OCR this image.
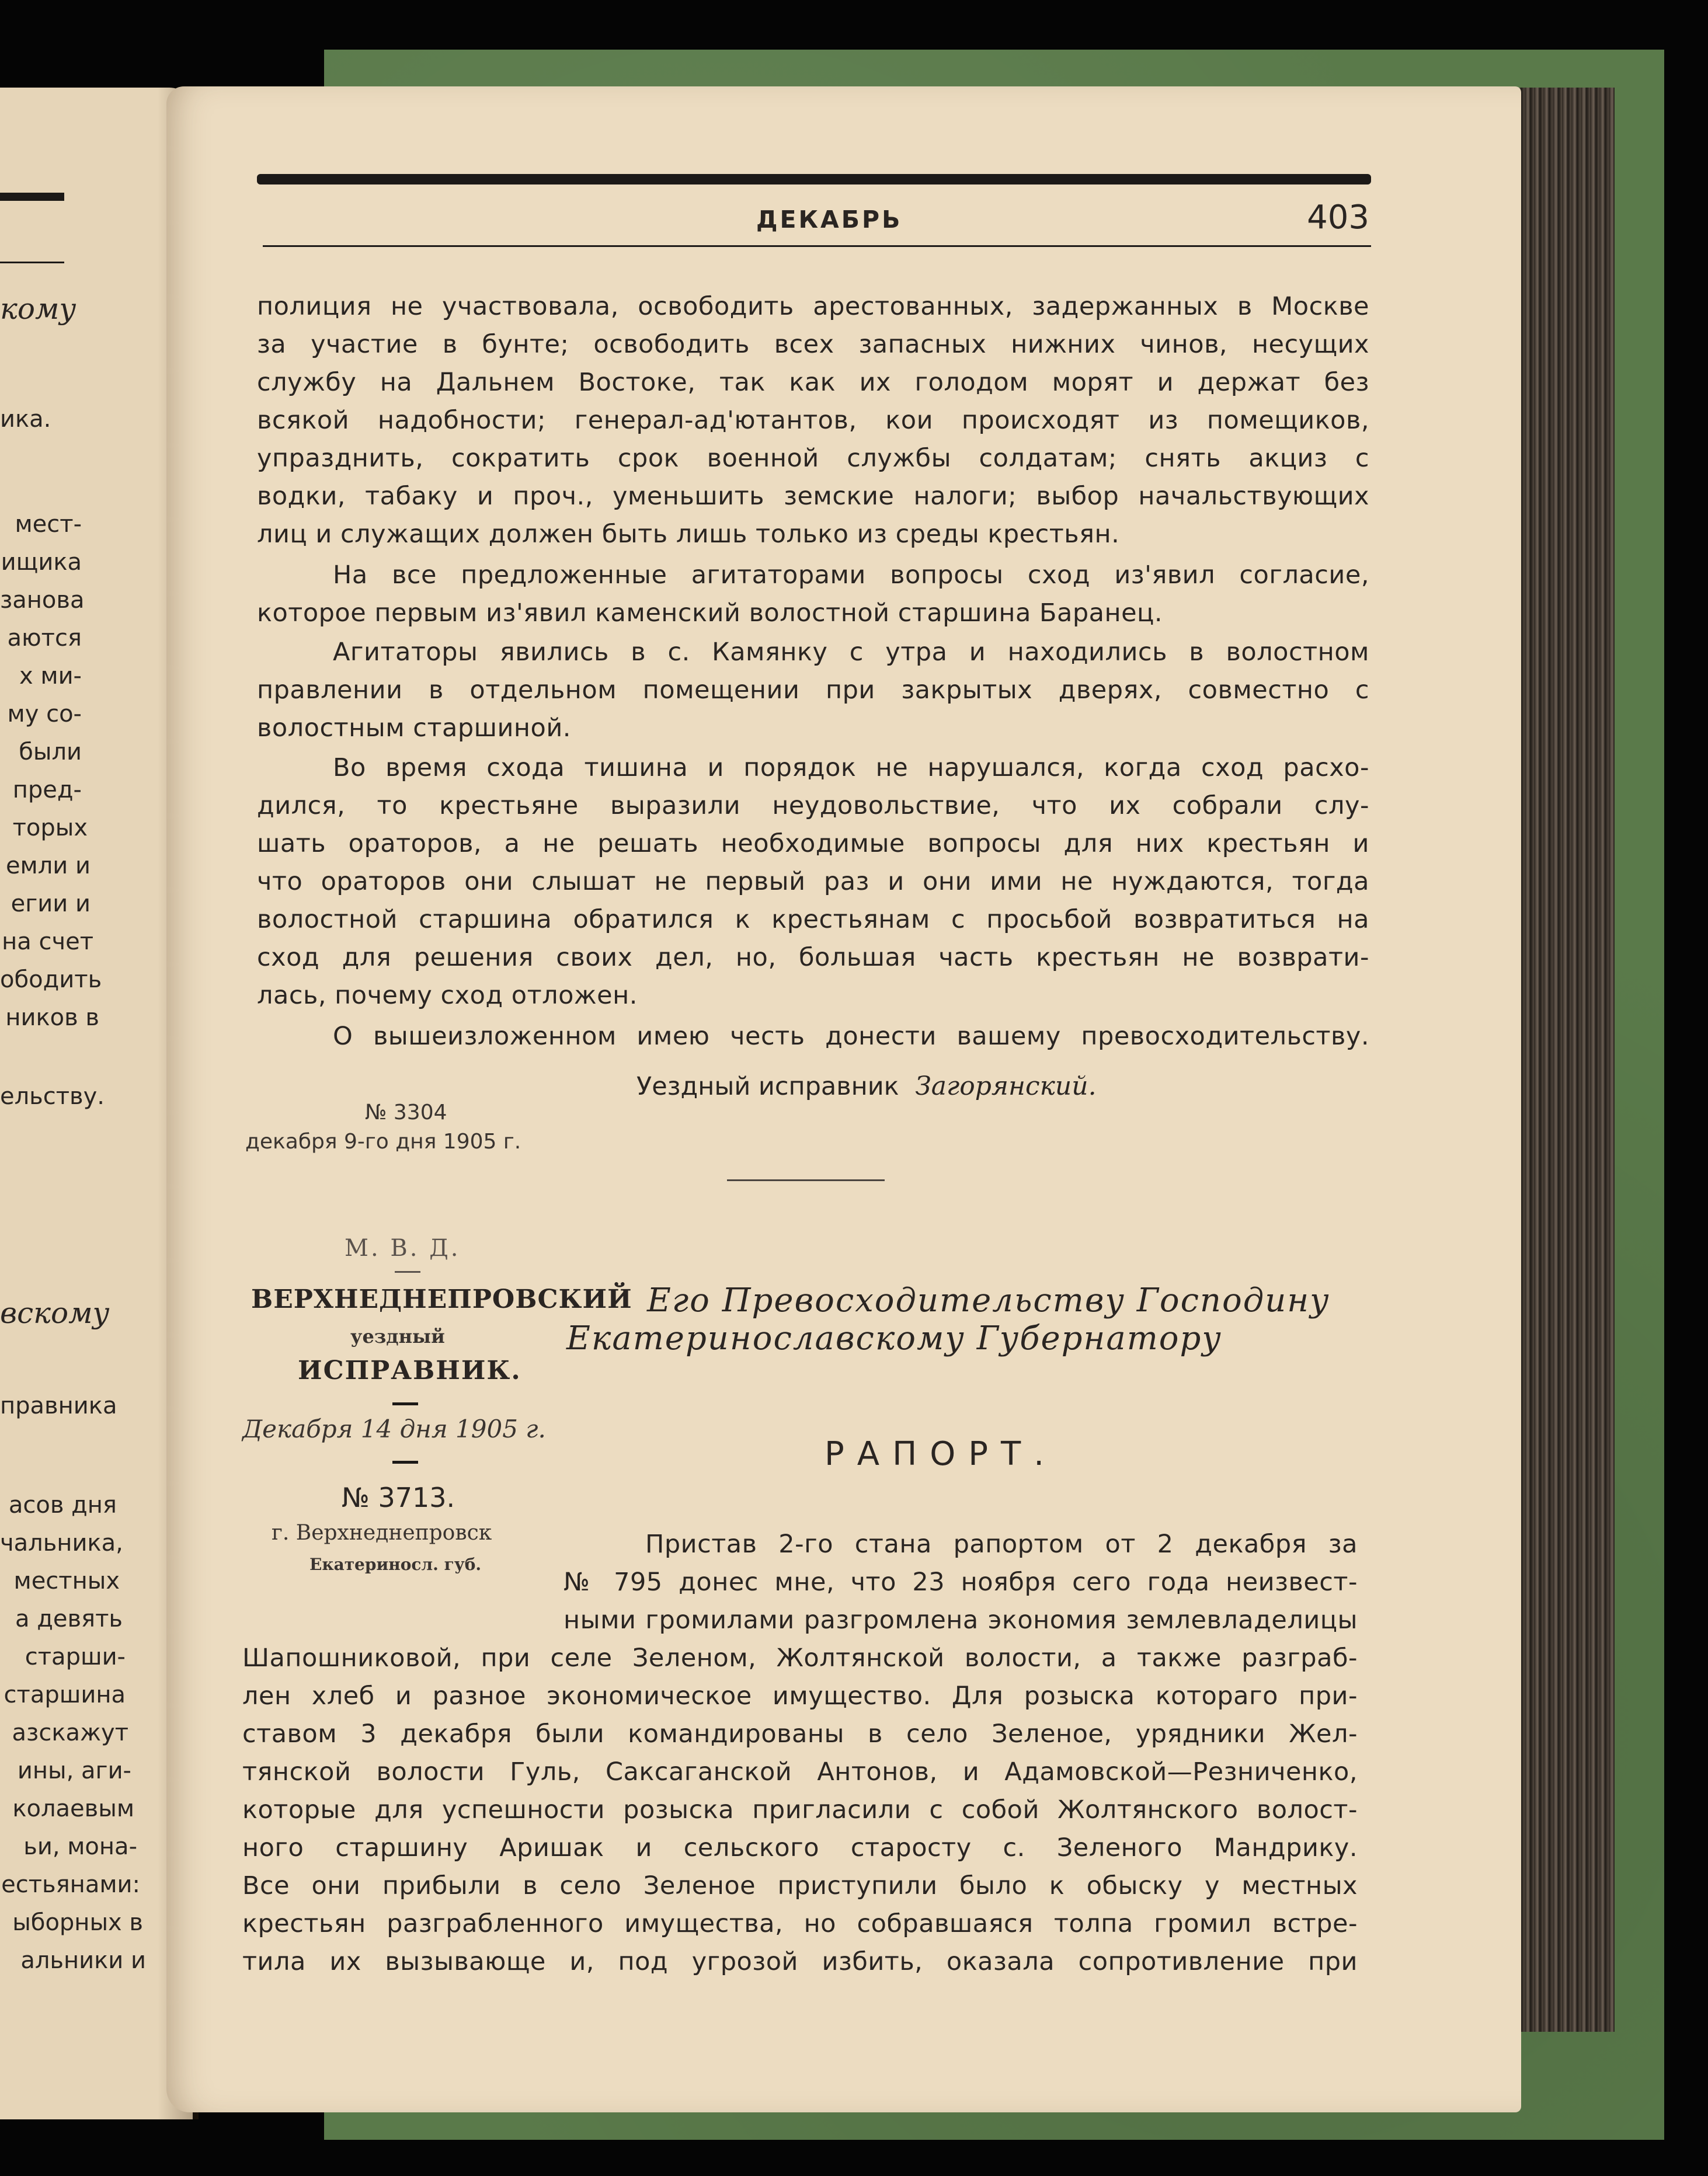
кому
ика.
мест-
ищика
занова
аются
х ми-
му со-
были
пред-
торых
емли и
егии и
на счет
ободить
ников в
ельству.
вскому
правника
асов дня
чальника,
местных
а девять
старши-
старшина
азскажут
ины, аги-
колаевым
ьи, мона-
естьянами:
ыборных в
альники и
ДЕКАБРЬ	403
полиция не участвовала, освободить арестованных, задержанных в Москве
за участие в бунте; освободить всех запасных нижних чинов, несущих
службу на Дальнем Востоке, так как их голодом морят и держат без
всякой надобности; генерал-ад'ютантов, кои происходят из помещиков,
упразднить, сократить срок военной службы солдатам; снять акциз с
водки, табаку и проч., уменьшить земские налоги; выбор начальствующих
лиц и служащих должен быть лишь только из среды крестьян.
На все предложенные агитаторами вопросы сход из'явил согласие,
которое первым из'явил каменский волостной старшина Баранец.
Агитаторы явились в с. Камянку с утра и находились в волостном
правлении в отдельном помещении при закрытых дверях, совместно с
волостным старшиной.
Во время схода тишина и порядок не нарушался, когда сход расхо-
дился, то крестьяне выразили неудовольствие, что их собрали слу-
шать ораторов, а не решать необходимые вопросы для них крестьян и
что ораторов они слышат не первый раз и они ими не нуждаются, тогда
волостной старшина обратился к крестьянам с просьбой возвратиться на
сход для решения своих дел, но, большая часть крестьян не возврати-
лась, почему сход отложен.
О вышеизложенном имею честь донести вашему превосходительству.
Уездный исправник Загорянский.
№ 3304
декабря 9-го дня 1905 г.
М. В. Д.
ВЕРХНЕДНЕПРОВСКИЙ
уездный
ИСПРАВНИК.
Декабря 14 дня 1905 г.
№ 3713.
г. Верхнеднепровск
Екатериносл. губ.
Его Превосходительству Господину
Екатеринославскому Губернатору
РАПОРТ.
Пристав 2-го стана рапортом от 2 декабря за
№ 795 донес мне, что 23 ноября сего года неизвест-
ными громилами разгромлена экономия землевладелицы
Шапошниковой, при селе Зеленом, Жолтянской волости, а также разграб-
лен хлеб и разное экономическое имущество. Для розыска котораго при-
ставом 3 декабря были командированы в село Зеленое, урядники Жел-
тянской волости Гуль, Саксаганской Антонов, и Адамовской—Резниченко,
которые для успешности розыска пригласили с собой Жолтянского волост-
ного старшину Аришак и сельского старосту с. Зеленого Мандрику.
Все они прибыли в село Зеленое приступили было к обыску у местных
крестьян разграбленного имущества, но собравшаяся толпа громил встре-
тила их вызывающе и, под угрозой избить, оказала сопротивление при
